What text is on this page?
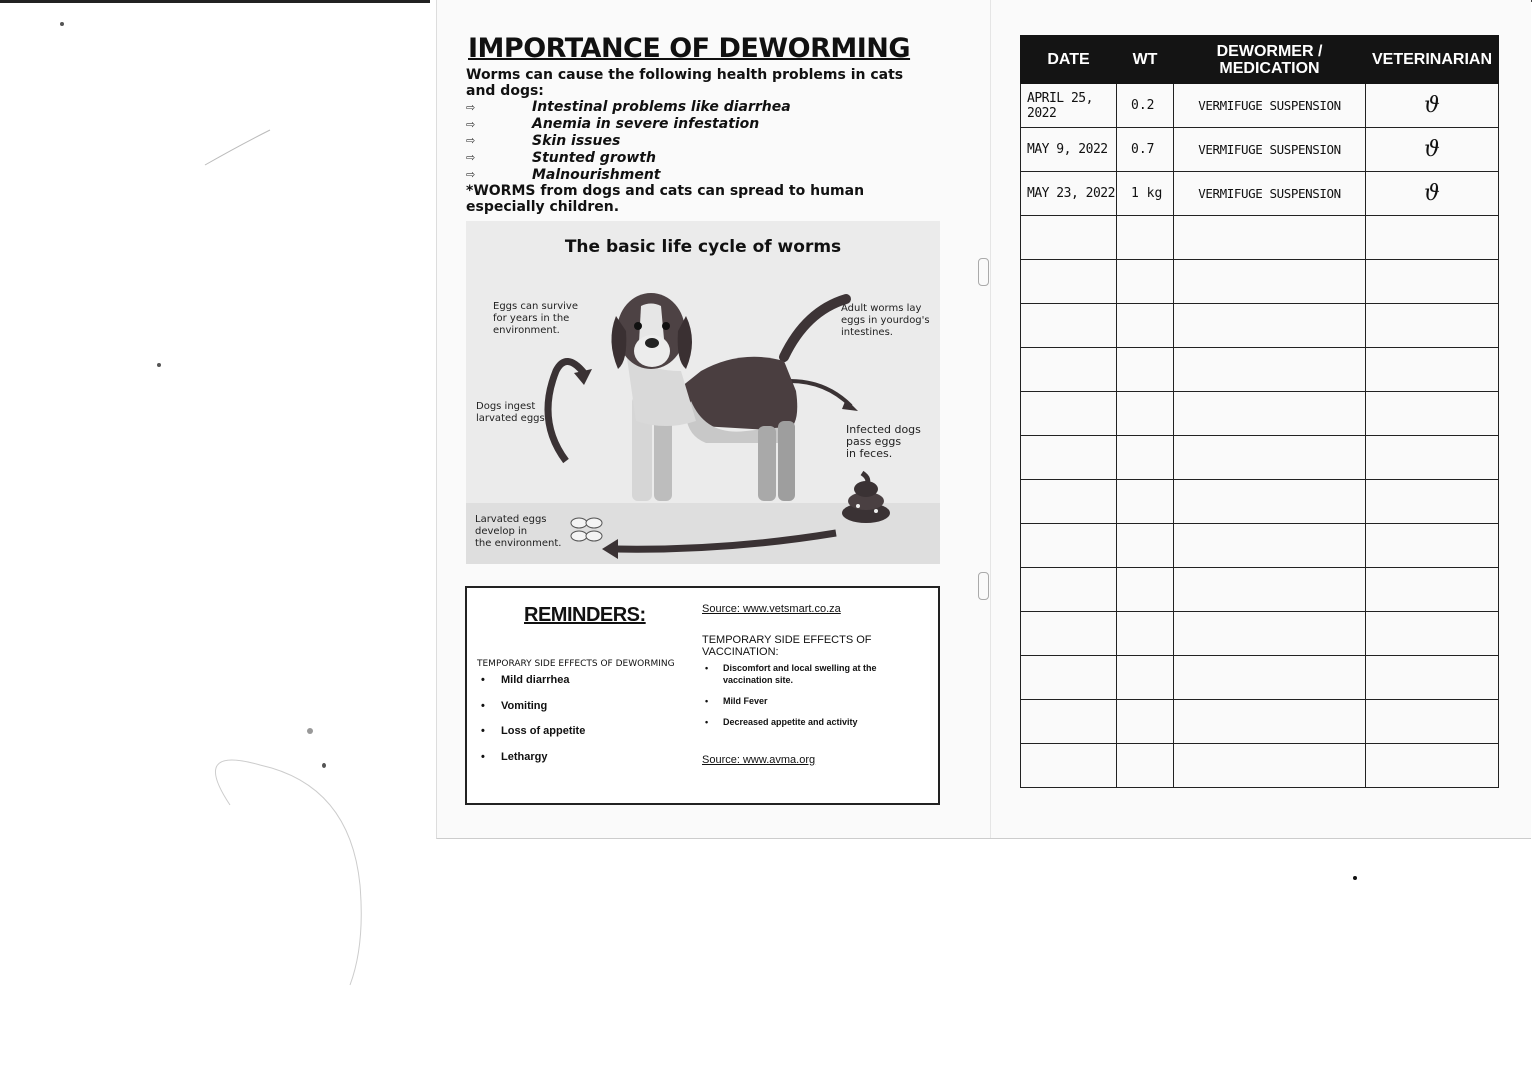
IMPORTANCE OF DEWORMING
Worms can cause the following health problems in cats and dogs:
⇨	Intestinal problems like diarrhea
⇨	Anemia in severe infestation
⇨	Skin issues
⇨	Stunted growth
⇨	Malnourishment
*WORMS from dogs and cats can spread to human especially children.
The basic life cycle of worms
Eggs can survive
for years in the
environment.
Adult worms lay
eggs in yourdog's
intestines.
Dogs ingest
larvated eggs.
Infected dogs
pass eggs
in feces.
Larvated eggs
develop in
the environment.
REMINDERS:
TEMPORARY SIDE EFFECTS OF DEWORMING
• Mild diarrhea
• Vomiting
• Loss of appetite
• Lethargy
Source: www.vetsmart.co.za
TEMPORARY SIDE EFFECTS OF VACCINATION:
• Discomfort and local swelling at the vaccination site.
• Mild Fever
• Decreased appetite and activity
Source: www.avma.org

DATE	WT	DEWORMER / MEDICATION	VETERINARIAN
APRIL 25, 2022	0.2	VERMIFUGE SUSPENSION	ϑ
MAY 9, 2022	0.7	VERMIFUGE SUSPENSION	ϑ
MAY 23, 2022	1 kg	VERMIFUGE SUSPENSION	ϑ
